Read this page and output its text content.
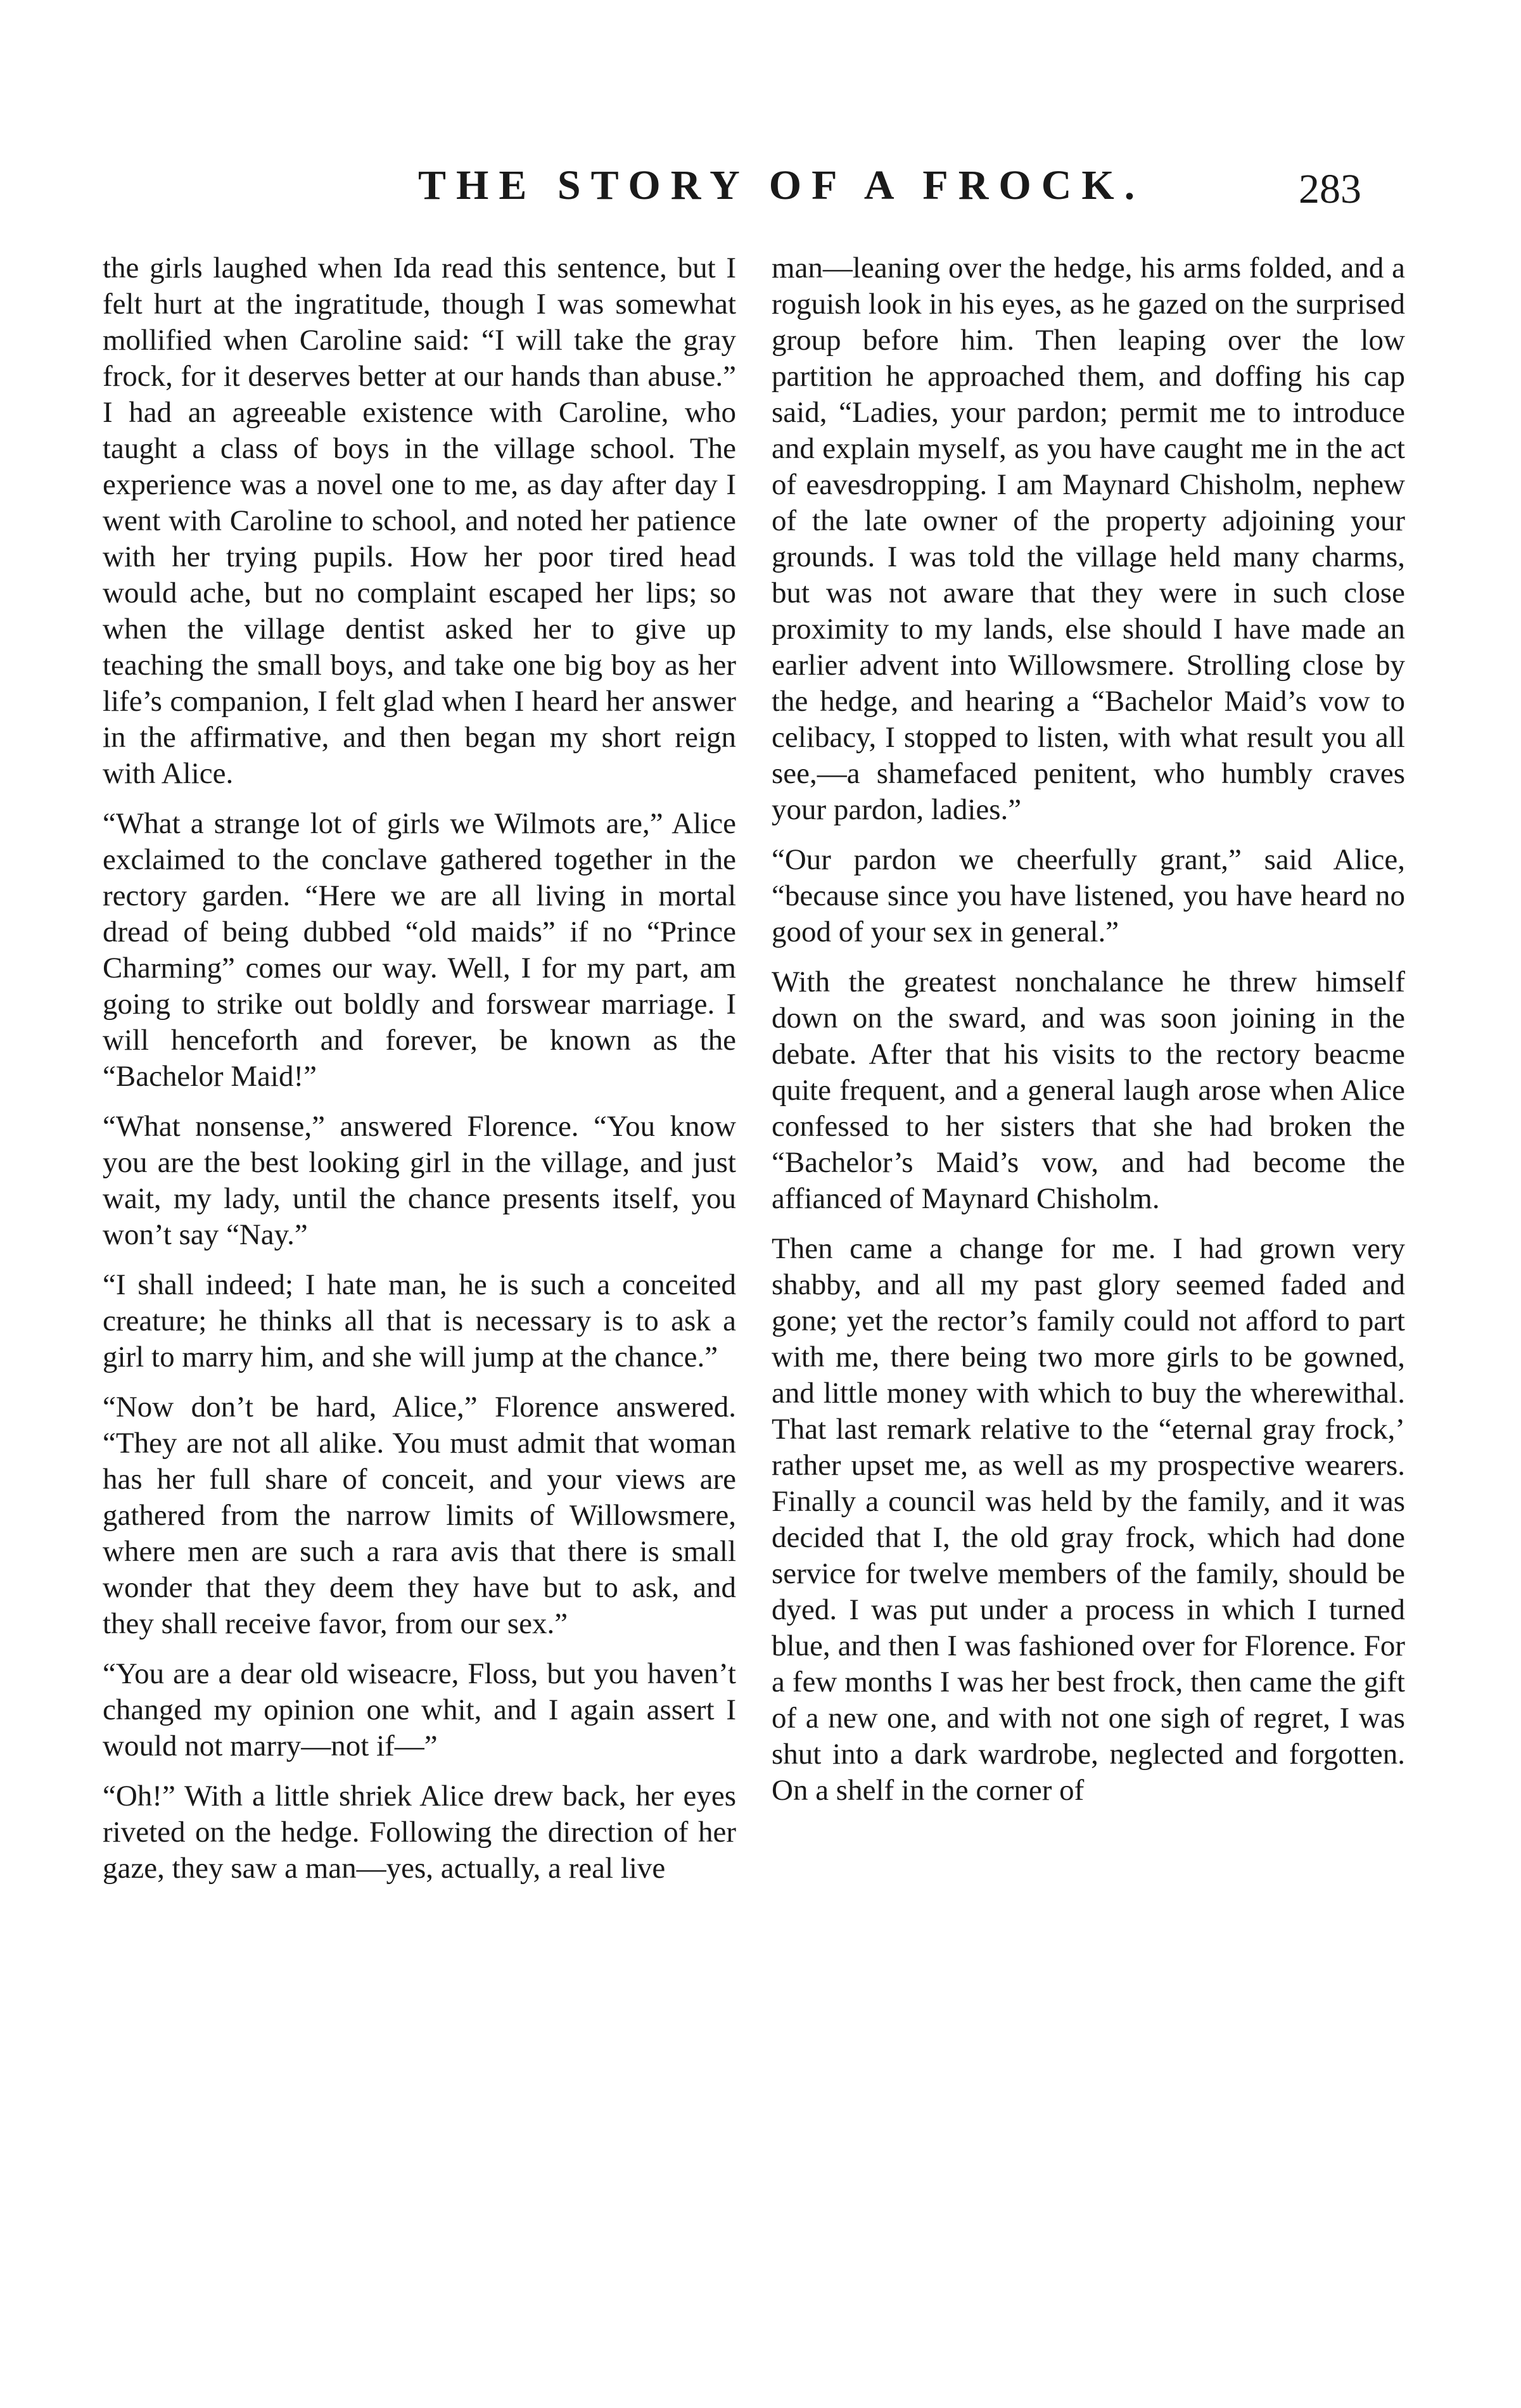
THE STORY OF A FROCK.	283

the girls laughed when Ida read this sentence, but I felt hurt at the ingratitude, though I was somewhat mollified when Caroline said: “I will take the gray frock, for it deserves better at our hands than abuse.” I had an agreeable existence with Caroline, who taught a class of boys in the village school. The experience was a novel one to me, as day after day I went with Caroline to school, and noted her patience with her trying pupils. How her poor tired head would ache, but no complaint escaped her lips; so when the village dentist asked her to give up teaching the small boys, and take one big boy as her life’s companion, I felt glad when I heard her answer in the affirmative, and then began my short reign with Alice.

“What a strange lot of girls we Wilmots are,” Alice exclaimed to the conclave gathered together in the rectory garden. “Here we are all living in mortal dread of being dubbed “old maids” if no “Prince Charming” comes our way. Well, I for my part, am going to strike out boldly and forswear marriage. I will henceforth and forever, be known as the “Bachelor Maid!”

“What nonsense,” answered Florence. “You know you are the best looking girl in the village, and just wait, my lady, until the chance presents itself, you won’t say “Nay.”

“I shall indeed; I hate man, he is such a conceited creature; he thinks all that is necessary is to ask a girl to marry him, and she will jump at the chance.”

“Now don’t be hard, Alice,” Florence answered. “They are not all alike. You must admit that woman has her full share of conceit, and your views are gathered from the narrow limits of Willowsmere, where men are such a rara avis that there is small wonder that they deem they have but to ask, and they shall receive favor, from our sex.”

“You are a dear old wiseacre, Floss, but you haven’t changed my opinion one whit, and I again assert I would not marry—not if—”

“Oh!” With a little shriek Alice drew back, her eyes riveted on the hedge. Following the direction of her gaze, they saw a man—yes, actually, a real live

man—leaning over the hedge, his arms folded, and a roguish look in his eyes, as he gazed on the surprised group before him. Then leaping over the low partition he approached them, and doffing his cap said, “Ladies, your pardon; permit me to introduce and explain myself, as you have caught me in the act of eavesdropping. I am Maynard Chisholm, nephew of the late owner of the property adjoining your grounds. I was told the village held many charms, but was not aware that they were in such close proximity to my lands, else should I have made an earlier advent into Willowsmere. Strolling close by the hedge, and hearing a “Bachelor Maid’s vow to celibacy, I stopped to listen, with what result you all see,—a shamefaced penitent, who humbly craves your pardon, ladies.”

“Our pardon we cheerfully grant,” said Alice, “because since you have listened, you have heard no good of your sex in general.”

With the greatest nonchalance he threw himself down on the sward, and was soon joining in the debate. After that his visits to the rectory beacme quite frequent, and a general laugh arose when Alice confessed to her sisters that she had broken the “Bachelor’s Maid’s vow, and had become the affianced of Maynard Chisholm.

Then came a change for me. I had grown very shabby, and all my past glory seemed faded and gone; yet the rector’s family could not afford to part with me, there being two more girls to be gowned, and little money with which to buy the wherewithal. That last remark relative to the “eternal gray frock,’ rather upset me, as well as my prospective wearers. Finally a council was held by the family, and it was decided that I, the old gray frock, which had done service for twelve members of the family, should be dyed. I was put under a process in which I turned blue, and then I was fashioned over for Florence. For a few months I was her best frock, then came the gift of a new one, and with not one sigh of regret, I was shut into a dark wardrobe, neglected and forgotten. On a shelf in the corner of
